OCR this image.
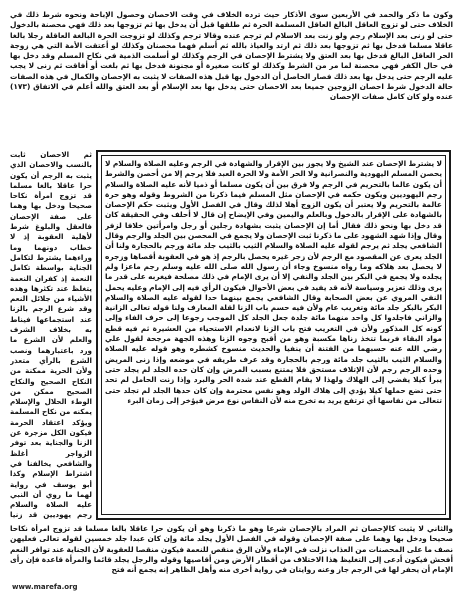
وكون ما ذكر والحمد في الأربعين سوى الأذكار حيث ترده الخلاف في وقت الاحصان وحصول الإباحة ونحوه شرط ذلك في الخلاف حتى لو تزوج العاقل البالغ العاقل المسلمة الحرة ثم طلقها قبل أن يدخل بها ثم تزوجها بعد ذلك فهي محصنة بالدخول حتى لو زنى بعد الإسلام رجم ولو زنت بعد الاسلام لم ترجم عنده وقالا ترجم وكذلك لو تزوجت الحرة البالغة العاقلة رجلا بالغا عاقلا مسلما فدخل بها ثم تزوجها بعد ذلك ثم ارتد والعياذ بالله ثم أسلم فهما محصنان وكذلك لو أعتقت الأمة التي هي زوجة الحر العاقل البالغ فدخل بها بعد العتق ولا يشترط الإحصان في الرجم وكذلك لو أسلمت الذمية في نكاح المسلم وقد دخل بها في حال الكفر فهي محصنة لما مر من الشرط وكذلك لو كانت صغيرة أو مجنونة فدخل بها ثم بلغت أو أفاقت ثم زنى لا يجب عليه الرجم حتى يدخل بها بعد ذلك فصار الحاصل أن الدخول بها قبل هذه الصفات لا يثبت به الإحصان والكمال في هذه الصفات حالة الدخول شرط احصان الزوجين جميعا بعد الاحصان حتى يدخل بها بعد الإسلام أو بعد العتق والله أعلم في الاتفاق (١٧٣) عنده ولو كان كامل صفات الإحصان
ثم الاحصان ثابت بالنسب والاحصان الذي يثبت به الرجم أن يكون حرا عاقلا بالغا مسلما قد تزوج امرأة نكاحا صحيحا ودخل بها وهما على صفة الإحصان فالعقل والبلوغ شرط لأهلية العقوبة إذ لا خطاب دونهما وما وراءهما يشترط لتكامل الجناية بواسطة تكامل النعمة إذ كفران النعمة يتغلظ عند تكثرها وهذه الأشياء من جلائل النعم وقد شرع الرجم بالزنا عند استجماعها فيناط به بخلاف الشرف والعلم لأن الشرع ما ورد باعتبارهما ونصب الشرع بالرأي متعذر ولأن الحرية ممكنة من النكاح الصحيح والنكاح الصحيح ممكن من الوطء الحلال والإسلام يمكنه من نكاح المسلمة ويؤكد اعتقاد الحرمة فيكون الكل مزجرة عن الزنا والجناية بعد توفر الزواجر أغلظ والشافعي يخالفنا في اشتراط الإسلام وكذا أبو يوسف في رواية لهما ما روي أن النبي عليه الصلاة والسلام رجم يهوديين قد زنيا
لا يشترط الإحصان عند الشيخ ولا يجوز بين الإقرار والشهادة في الرجم وعليه الصلاة والسلام لا يحصن المسلم اليهودية والنصرانية ولا الحر الأمة ولا الحرة العبد فلا يرجم إلا من أحصن والشرط أن يكون عالما بالتحريم في الرجم ولا فرق بين أن يكون مسلما أو ذميا لأنه عليه الصلاة والسلام رجم اليهوديين ويكون حكمه في الإحصان مثل المسلم فيما ذكرنا من الشروط وقوله وهو حرة عالمة بالتحريم ولا يعتبر أن يكون الزوج أهلا لذلك وقال في الفصل الأول ويثبت حكم الإحصان بالشهادة على الإقرار بالدخول وبالعلم واليمين وفي الإيضاح إن قال لا أحلف وفي الحقيقة كان قد دخل بها ونحو ذلك فقال أما إن الإحصان يثبت بشهادة رجلين أو رجل وامرأتين خلافا لزفر وقال وإذا شهد الشهود على ما ذكرنا ثبت الإحصان ولا يجمع في المحصن بين الجلد والرجم وقال الشافعي يجلد ثم يرجم لقوله عليه الصلاة والسلام الثيب بالثيب جلد مائة ورجم بالحجارة ولنا أن الجلد يعرى عن المقصود مع الرجم لأن زجر غيره يحصل بالرجم إذ هو في العقوبة أقصاها وزجره لا يحصل بعد هلاكه وما رواه منسوخ وجاء أن رسول الله صلى الله عليه وسلم رجم ماعزا ولم يجلده ولا يجمع في البكر بين الجلد والنفي إلا أن يرى الإمام في ذلك مصلحة فيغربه على قدر ما يرى وذلك تعزير وسياسة لأنه قد يفيد في بعض الأحوال فيكون الرأي فيه إلى الإمام وعليه يحمل النفي المروي عن بعض الصحابة وقال الشافعي يجمع بينهما حدا لقوله عليه الصلاة والسلام البكر بالبكر جلد مائة وتغريب عام ولأن فيه حسم باب الزنا لقلة المعارف ولنا قوله تعالى الزانية والزاني فاجلدوا كل واحد منهما مائة جلدة جعل الجلد كل الموجب رجوعا إلى حرف الفاء وإلى كونه كل المذكور ولأن في التغريب فتح باب الزنا لانعدام الاستحياء من العشيرة ثم فيه قطع مواد البقاء فربما تتخذ زناها مكسبة وهو من أقبح وجوه الزنا وهذه الجهة مرجحة لقول علي رضي الله عنه حسبهما من الفتنة أن ينفيا والحديث منسوخ كشطره وهو قوله عليه الصلاة والسلام الثيب بالثيب جلد مائة ورجم بالحجارة وقد عرف طريقه في موضعه وإذا زنى المريض وحده الرجم رجم لأن الإتلاف مستحق فلا يمتنع بسبب المرض وإن كان حده الجلد لم يجلد حتى يبرأ كيلا يفضي إلى الهلاك ولهذا لا يقام القطع عند شدة الحر والبرد وإذا زنت الحامل لم تحد حتى تضع حملها كيلا يؤدي إلى هلاك الولد وهو نفس محترمة وإن كان حدها الجلد لم تجلد حتى تتعالى من نفاسها أي ترتفع يريد به تخرج منه لأن النفاس نوع مرض فيؤخر إلى زمان البرء
والثاني لا يثبت كالإحصان ثم المراد بالإحصان شرعا وهو ما ذكرنا وهو أن يكون حرا عاقلا بالغا مسلما قد تزوج امرأة نكاحا صحيحا ودخل بها وهما على صفة الإحصان وقوله في الفصل الأول يجلد مائة وإن كان عبدا جلد خمسين لقوله تعالى فعليهن نصف ما على المحصنات من العذاب نزلت في الإماء ولأن الرق منقص للنعمة فيكون منقصا للعقوبة لأن الجناية عند توافر النعم أفحش فيكون أدعى إلى التغليظ هذا الاختلاف من أقطار الأرض ومن أقاصيها وقوله والرجل يجلد قائما والمرأة قاعدة فإن رأى الإمام أن يحفر لها في الرجم جاز وعنه روايتان في رواية أخرى منه وأهل الظاهر إنه يجمع أنه فتح
www.marefa.org
